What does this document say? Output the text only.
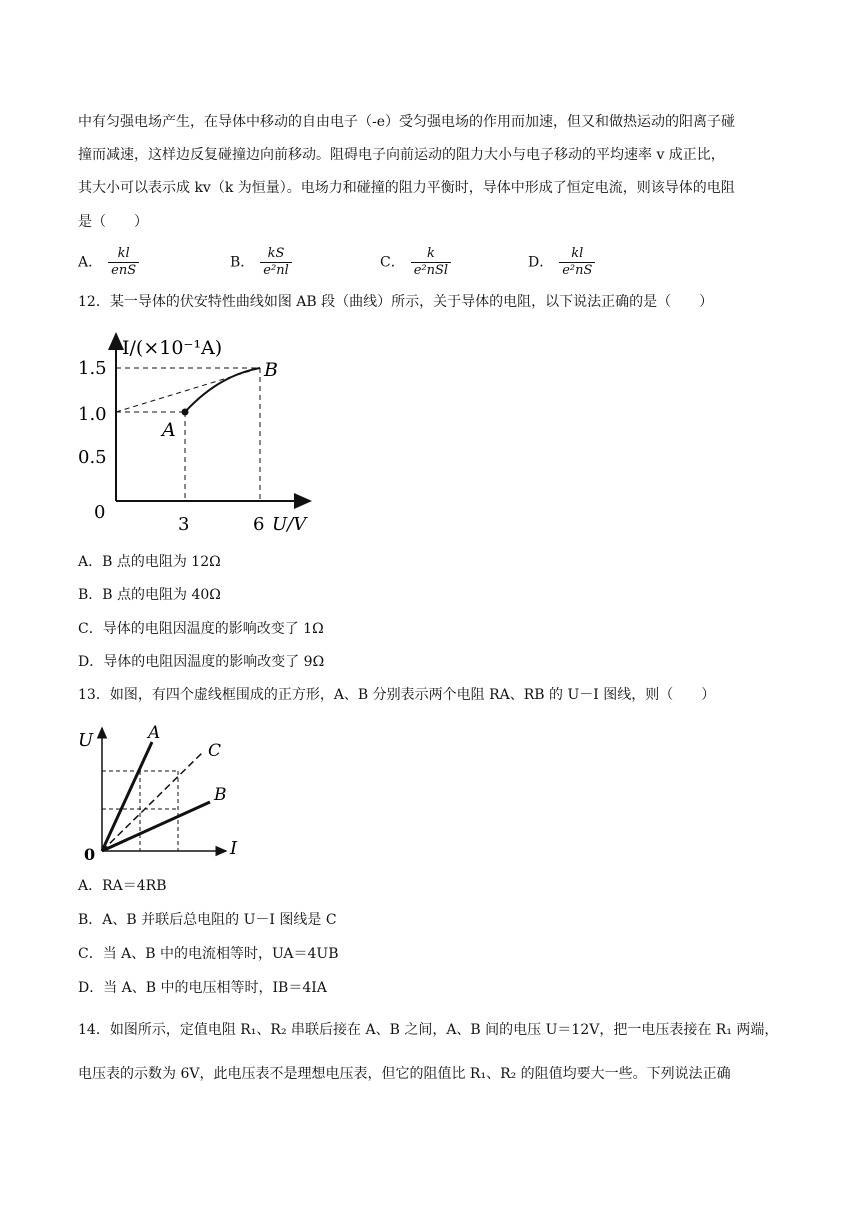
中有匀强电场产生，在导体中移动的自由电子（-e）受匀强电场的作用而加速，但又和做热运动的阳离子碰
撞而减速，这样边反复碰撞边向前移动。阻碍电子向前运动的阻力大小与电子移动的平均速率 v 成正比，
其大小可以表示成 kv（k 为恒量）。电场力和碰撞的阻力平衡时，导体中形成了恒定电流，则该导体的电阻
是（　　）
A． $\frac{kl}{\text{enS}}$	B． $\frac{kS}{\text{e²nl}}$	C． $\frac{k}{\text{e²nSl}}$	D． $\frac{kl}{\text{e²nS}}$
12．某一导体的伏安特性曲线如图 AB 段（曲线）所示，关于导体的电阻，以下说法正确的是（　　）
I/(×10⁻¹A)
1.5
1.0
0.5
0
3	6 U/V
A
B
A．B 点的电阻为 12Ω
B．B 点的电阻为 40Ω
C．导体的电阻因温度的影响改变了 1Ω
D．导体的电阻因温度的影响改变了 9Ω
13．如图，有四个虚线框围成的正方形，A、B 分别表示两个电阻 RA、RB 的 U－I 图线，则（　　）
U
I
0
A
B
C
A．RA＝4RB
B．A、B 并联后总电阻的 U－I 图线是 C
C．当 A、B 中的电流相等时，UA＝4UB
D．当 A、B 中的电压相等时，IB＝4IA
14．如图所示，定值电阻 R₁、R₂ 串联后接在 A、B 之间，A、B 间的电压 U＝12V，把一电压表接在 R₁ 两端，
电压表的示数为 6V，此电压表不是理想电压表，但它的阻值比 R₁、R₂ 的阻值均要大一些。下列说法正确
